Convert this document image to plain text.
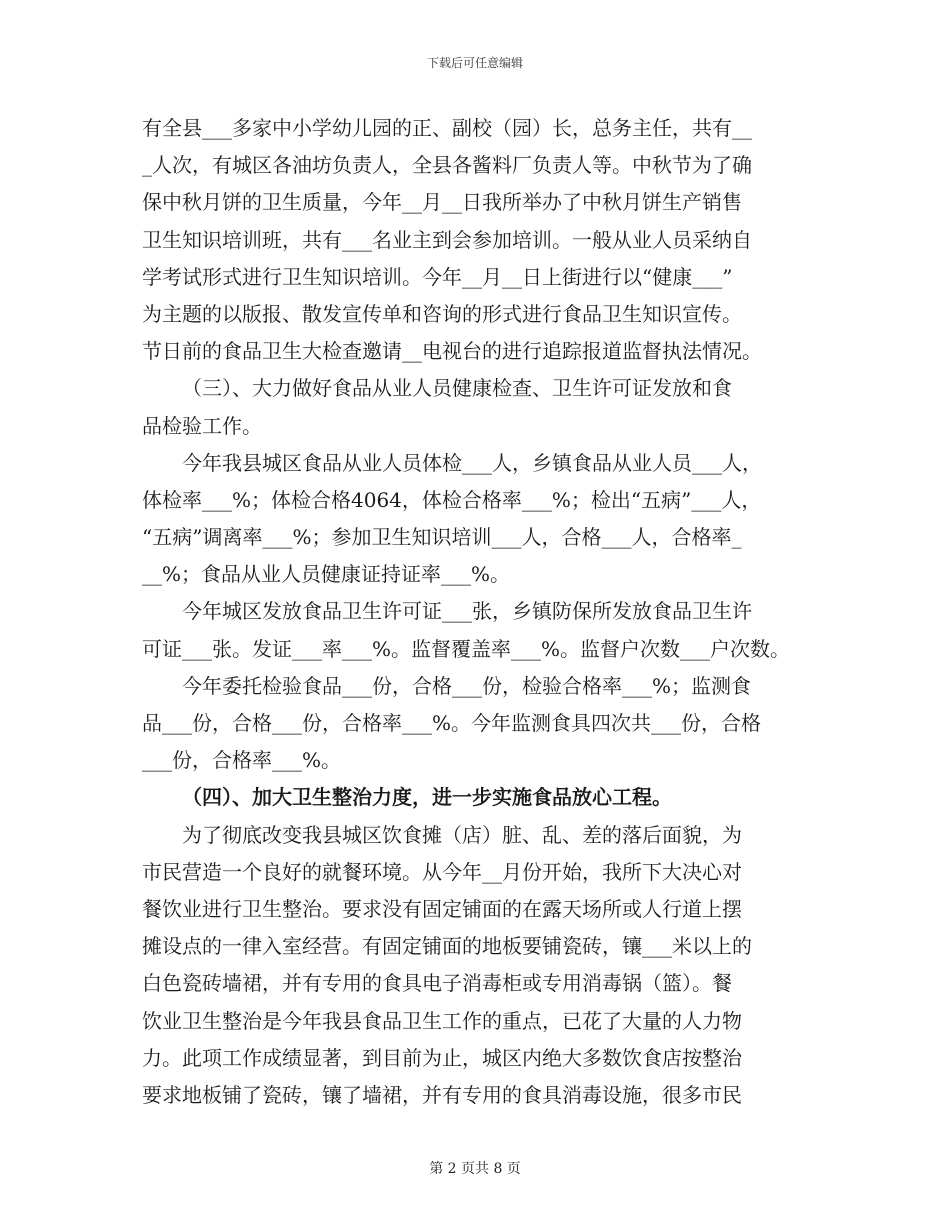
下载后可任意编辑
有全县___多家中小学幼儿园的正、副校（园）长，总务主任，共有__
_人次，有城区各油坊负责人，全县各酱料厂负责人等。中秋节为了确
保中秋月饼的卫生质量，今年__月__日我所举办了中秋月饼生产销售
卫生知识培训班，共有___名业主到会参加培训。一般从业人员采纳自
学考试形式进行卫生知识培训。今年__月__日上街进行以“健康___”
为主题的以版报、散发宣传单和咨询的形式进行食品卫生知识宣传。
节日前的食品卫生大检查邀请__电视台的进行追踪报道监督执法情况。
（三）、大力做好食品从业人员健康检查、卫生许可证发放和食
品检验工作。
今年我县城区食品从业人员体检___人，乡镇食品从业人员___人，
体检率___%；体检合格4064，体检合格率___%；检出“五病”___人，
“五病”调离率___%；参加卫生知识培训___人，合格___人，合格率_
__%；食品从业人员健康证持证率___%。
今年城区发放食品卫生许可证___张，乡镇防保所发放食品卫生许
可证___张。发证___率___%。监督覆盖率___%。监督户次数___户次数。
今年委托检验食品___份，合格___份，检验合格率___%；监测食
品___份，合格___份，合格率___%。今年监测食具四次共___份，合格
___份，合格率___%。
（四）、加大卫生整治力度，进一步实施食品放心工程。
为了彻底改变我县城区饮食摊（店）脏、乱、差的落后面貌，为
市民营造一个良好的就餐环境。从今年__月份开始，我所下大决心对
餐饮业进行卫生整治。要求没有固定铺面的在露天场所或人行道上摆
摊设点的一律入室经营。有固定铺面的地板要铺瓷砖，镶___米以上的
白色瓷砖墙裙，并有专用的食具电子消毒柜或专用消毒锅（篮）。餐
饮业卫生整治是今年我县食品卫生工作的重点，已花了大量的人力物
力。此项工作成绩显著，到目前为止，城区内绝大多数饮食店按整治
要求地板铺了瓷砖，镶了墙裙，并有专用的食具消毒设施，很多市民
第 2 页共 8 页
